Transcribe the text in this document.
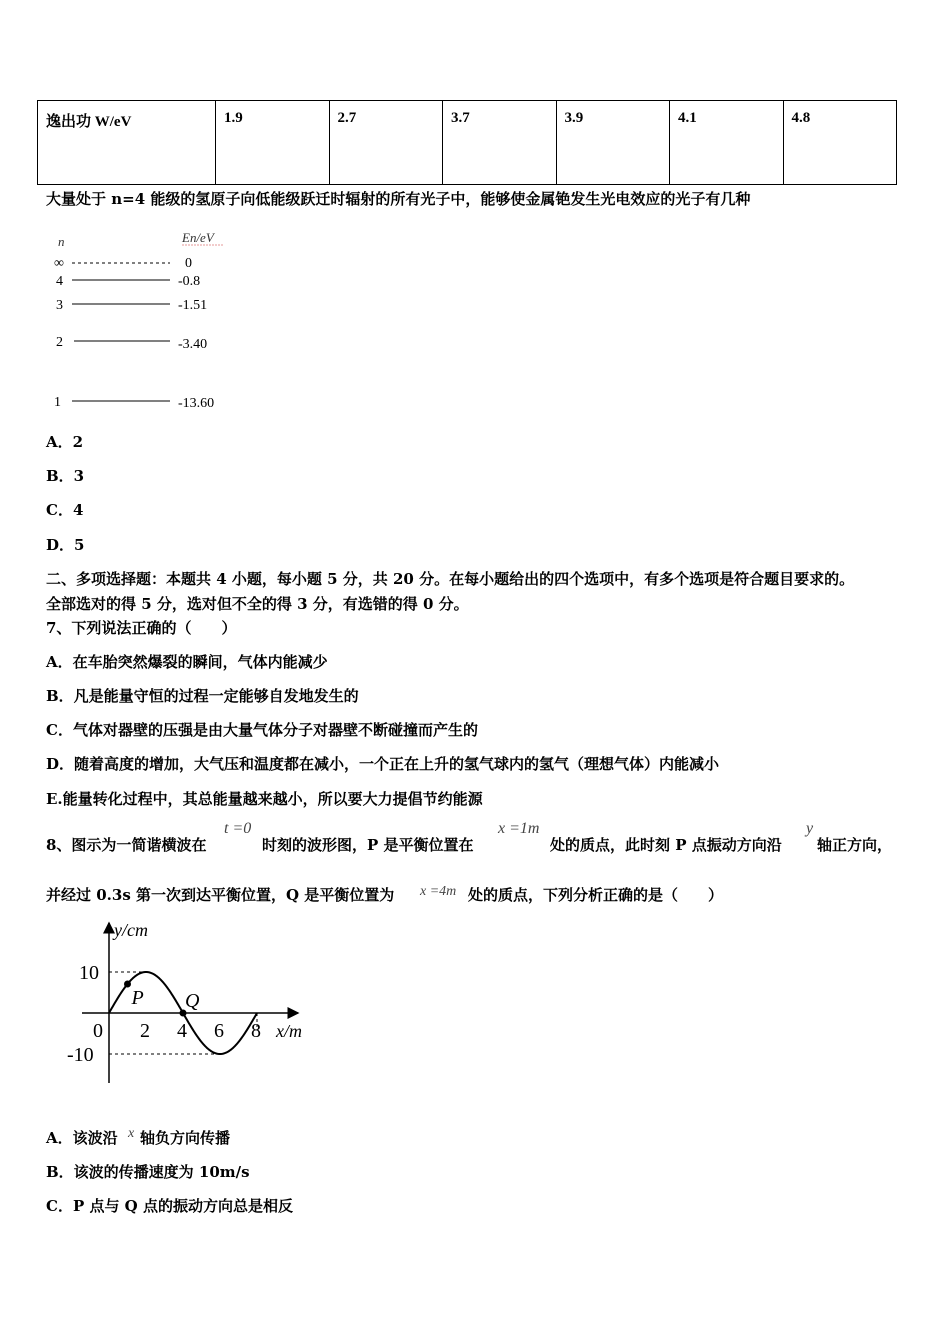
逸出功 W/eV	1.9	2.7	3.7	3.9	4.1	4.8
大量处于 n=4 能级的氢原子向低能级跃迁时辐射的所有光子中，能够使金属铯发生光电效应的光子有几种
n	En/eV
∞	0
4	-0.8
3	-1.51
2	-3.40
1	-13.60
A．2
B．3
C．4
D．5
二、多项选择题：本题共 4 小题，每小题 5 分，共 20 分。在每小题给出的四个选项中，有多个选项是符合题目要求的。
全部选对的得 5 分，选对但不全的得 3 分，有选错的得 0 分。
7、下列说法正确的（　　）
A．在车胎突然爆裂的瞬间，气体内能减少
B．凡是能量守恒的过程一定能够自发地发生的
C．气体对器壁的压强是由大量气体分子对器壁不断碰撞而产生的
D．随着高度的增加，大气压和温度都在减小，一个正在上升的氢气球内的氢气（理想气体）内能减小
E.能量转化过程中，其总能量越来越小，所以要大力提倡节约能源
8、图示为一简谐横波在
t =0
时刻的波形图，P 是平衡位置在
x =1m
处的质点，此时刻 P 点振动方向沿
y
轴正方向，
并经过 0.3s 第一次到达平衡位置，Q 是平衡位置为 x =4m 处的质点，下列分析正确的是（　　）
y/cm
x/m
10
-10
0 2 4 6 8
P Q
A．该波沿 x 轴负方向传播
B．该波的传播速度为 10m/s
C．P 点与 Q 点的振动方向总是相反
